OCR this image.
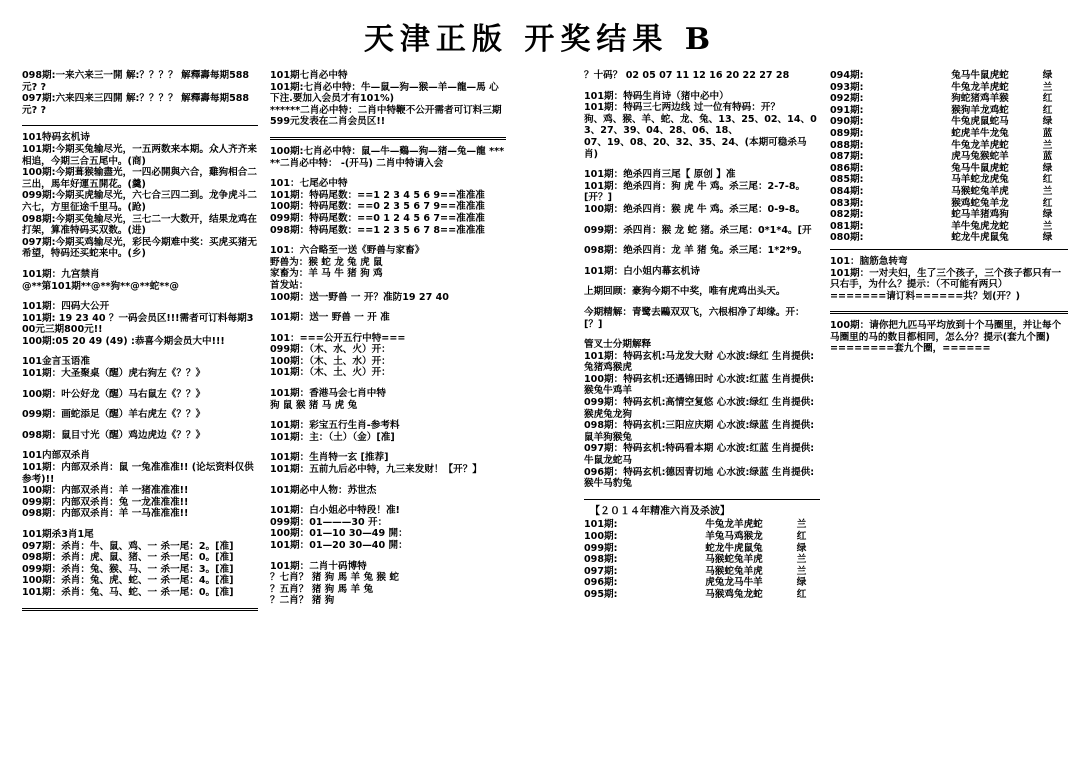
天津正版 开奖结果 B
098期:一来六来三一開 解:？？？？ 解釋壽每期588元? ?
097期:六来四来三四開 解:？？？？ 解釋壽每期588元? ?
101特码玄机诗
101期:今期买兔输尽光，一五两数来本期。众人齐齐来相追，今期三合五尾中。(商)
100期:今期葺猴输盡光，一四必開與六合，雞狗相合二三出，馬年好運五開花。(羹)
099期:今期买虎输尽光，六七合三四二到。龙争虎斗二六七，方里征途千里马。(跄)
098期:今期买兔输尽光，三七二一大数开，结果龙鸡在打架，算准特码买双数。(进)
097期:今期买鸡输尽光，彩民今期难中奖：买虎买猪无希望，特码还买蛇来中。(乡)
101期：九宫禁肖
@**第101期**@**狗**@**蛇**@
101期：四码大公开
101期: 19 23 40 ？一码会员区!!!需者可订料每期300元三期800元!!
100期:05 20 49 (49) :恭喜今期会员大中!!!
101金言玉语准
101期：大圣聚桌（醒）虎右狗左《？？》
100期：叶公好龙（醒）马右鼠左《？？》
099期：画蛇添足（醒）羊右虎左《？？》
098期：鼠目寸光（醒）鸡边虎边《？？》
101内部双杀肖
101期：内部双杀肖：鼠 一兔准准准!! (论坛资料仅供参考)!!
100期：内部双杀肖：羊 一猪准准准!!
099期：内部双杀肖：兔 一龙准准准!!
098期：内部双杀肖：羊 一马准准准!!
101期杀3肖1尾
097期：杀肖：牛、鼠、鸡、一 杀一尾：2。[准]
098期：杀肖：虎、鼠、猪、一 杀一尾：0。[准]
099期：杀肖：兔、猴、马、一 杀一尾：3。[准]
100期：杀肖：兔、虎、蛇、一 杀一尾：4。[准]
101期：杀肖：兔、马、蛇、一 杀一尾：0。[准]
101期七肖必中特
101期:七肖必中特：牛—鼠—狗—猴—羊—龍—馬 心下注.要加入会员才有101%)
******二肖必中特：二肖中特鞭不公开需者可订料三期599元发表在二肖会员区!!
100期:七肖必中特：鼠—牛—鷄—狗—猪—兔—龍 *****二肖必中特： -(开马) 二肖中特请入会
101：七尾必中特
101期：特码尾数：==1 2 3 4 5 6 9==准准准
100期：特码尾数：==0 2 3 5 6 7 9==准准准
099期：特码尾数：==0 1 2 4 5 6 7==准准准
098期：特码尾数：==1 2 3 5 6 7 8==准准准
101：六合略至一送《野兽与家畜》
野兽为：猴 蛇 龙 兔 虎 鼠
家畜为：羊 马 牛 猪 狗 鸡
首发站：
100期：送一野兽 一 开？准防19 27 40
101期：送一 野兽 一 开 准
101：===公开五行中特===
099期：（木、水、火）开：
100期：（木、土、水）开：
101期：（木、土、火）开：
101期：香港马会七肖中特
狗 鼠 猴 猪 马 虎 兔
101期：彩宝五行生肖-参考料
101期：主：（土）（金）[准]
101期：生肖特一玄 [推荐]
101期：五前九后必中特，九三来发财！【开？】
101期必中人物：苏世杰
101期：白小姐必中特段！准!
099期：01———30 开：
100期：01—10 30—49 開：
101期：01—20 30—40 開：
101期：二肖十码博特
？七肖？ 猪 狗 馬 羊 兔 猴 蛇
？五肖？ 猪 狗 馬 羊 兔
？二肖？ 猪 狗
？十码？ 02 05 07 11 12 16 20 22 27 28
101期：特码生肖诗（猪中必中）
101期：特码三七两边线 过一位有特码：开？
狗、鸡、猴、羊、蛇、龙、兔、13、25、02、14、03、27、39、04、28、06、18、
07、19、08、20、32、35、24、(本期可稳杀马肖)
101期：绝杀四肖三尾【 原创 】准
101期：绝杀四肖：狗 虎 牛 鸡。杀三尾：2-7-8。[开？]
100期：绝杀四肖：猴 虎 牛 鸡。杀三尾：0-9-8。
099期：杀四肖：猴 龙 蛇 猪。杀三尾：0*1*4。[开
098期：绝杀四肖：龙 羊 猪 兔。杀三尾：1*2*9。
101期：白小姐内幕玄机诗
上期回顾：豪狗今期不中奖，唯有虎鸡出头天。
今期精解：青鹭去鷗双双飞，六根相净了却缘。开：[？]
管叉士分期解释
101期：特码玄机:马龙发大财 心水波:绿红 生肖提供:兔猪鸡猴虎
100期：特码玄机:还遇锦田时 心水波:红蓝 生肖提供:猴兔牛鸡羊
099期：特码玄机:高情空复悠 心水波:绿红 生肖提供:猴虎兔龙狗
098期：特码玄机:三阳应庆期 心水波:绿蓝 生肖提供:鼠羊狗猴兔
097期：特码玄机:特码看本期 心水波:红蓝 生肖提供:牛鼠龙蛇马
096期：特码玄机:德因青切地 心水波:绿蓝 生肖提供:猴牛马豹兔
【２０１４年精准六肖及杀波】
101期:	牛兔龙羊虎蛇	兰
100期:	羊兔马鸡猴龙	红
099期:	蛇龙牛虎鼠兔	绿
098期:	马猴蛇兔羊虎	兰
097期:	马猴蛇兔羊虎	兰
096期:	虎兔龙马牛羊	绿
095期:	马猴鸡兔龙蛇	红
094期:	兔马牛鼠虎蛇	绿
093期:	牛兔龙羊虎蛇	兰
092期:	狗蛇猪鸡羊猴	红
091期:	猴狗羊龙鸡蛇	红
090期:	牛兔虎鼠蛇马	绿
089期:	蛇虎羊牛龙兔	蓝
088期:	牛兔龙羊虎蛇	兰
087期:	虎马兔猴蛇羊	蓝
086期:	兔马牛鼠虎蛇	绿
085期:	马羊蛇龙虎兔	红
084期:	马猴蛇兔羊虎	兰
083期:	猴鸡蛇兔羊龙	红
082期:	蛇马羊猪鸡狗	绿
081期:	羊牛兔虎龙蛇	兰
080期:	蛇龙牛虎鼠兔	绿
101：脑筋急转弯
101期：一对夫妇，生了三个孩子，三个孩子都只有一只右手，为什么？提示：（不可能有两只）
=======请订料======共？划(开？)
100期：请你把九匹马平均放到十个马圈里，并让每个马圈里的马的数目都相同，怎么分？提示(套九个圈)
========套九个圈，======
